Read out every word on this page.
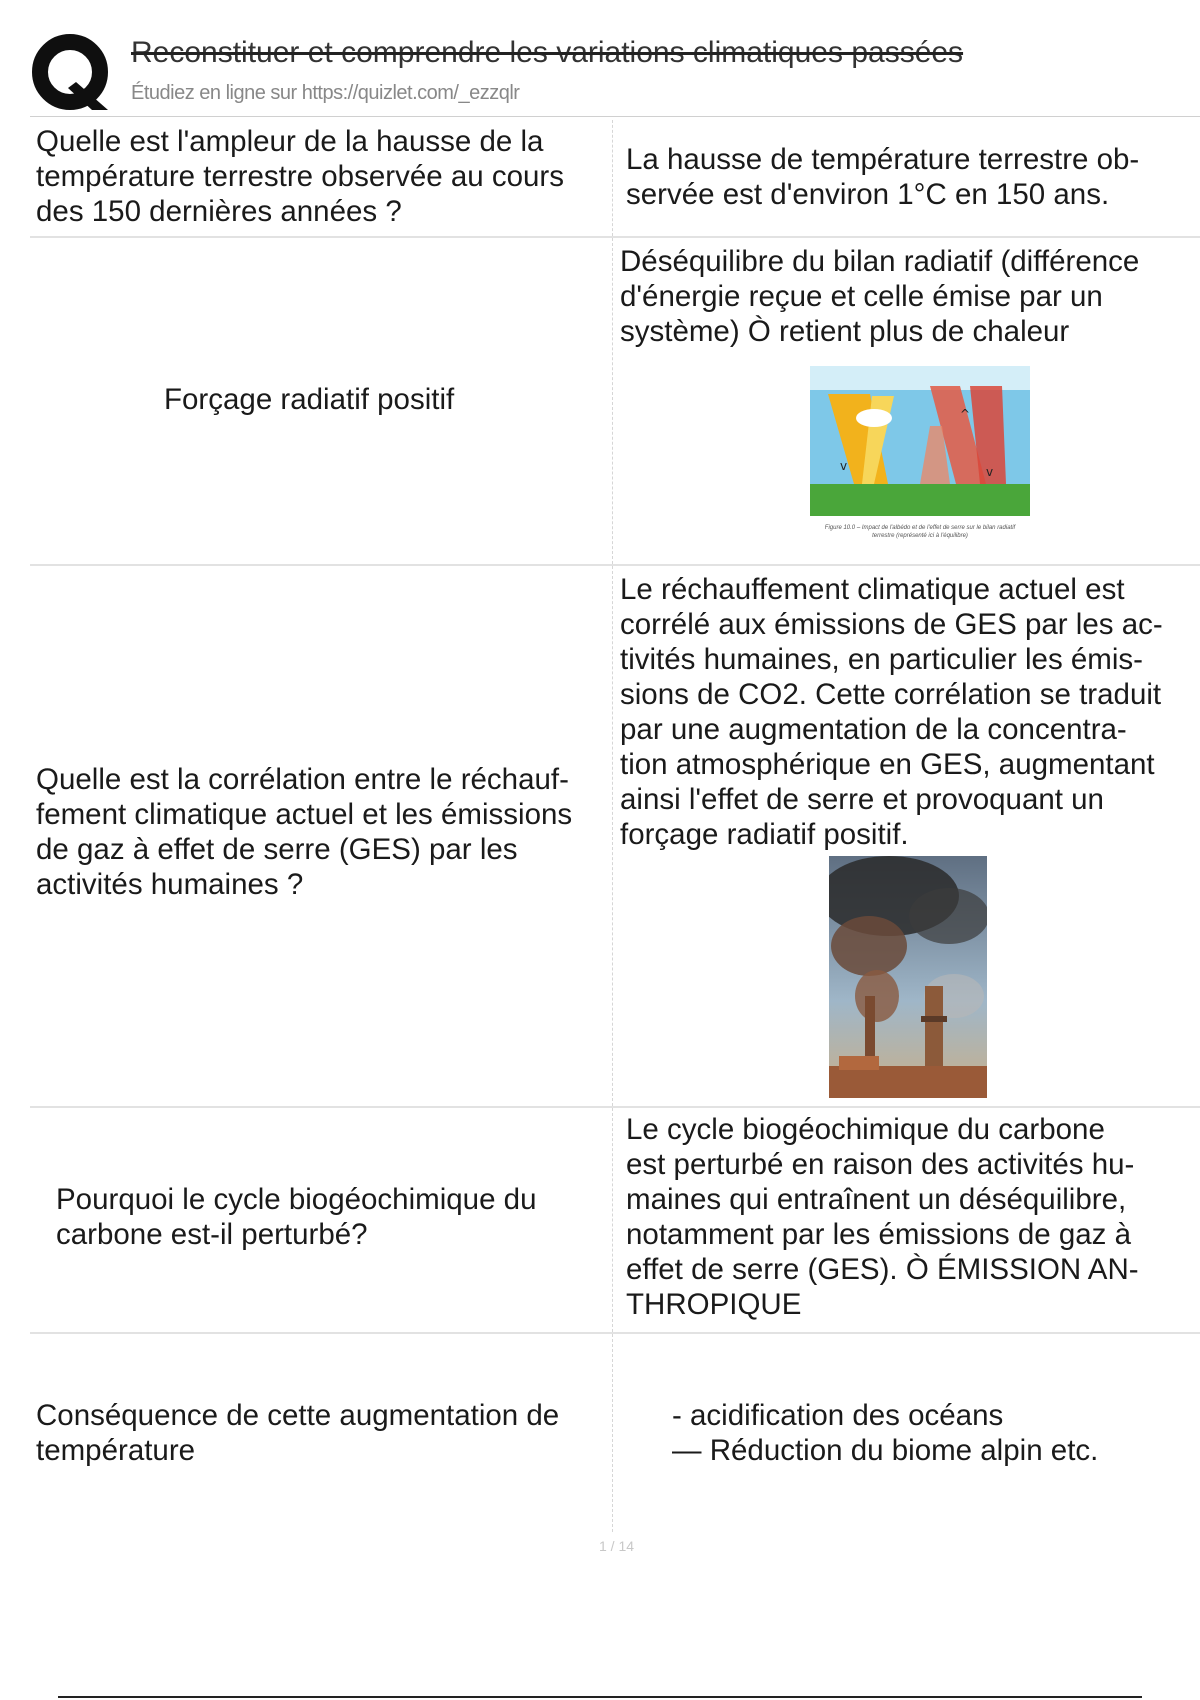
Reconstituer et comprendre les variations climatiques passées
Étudiez en ligne sur https://quizlet.com/_ezzqlr
Quelle est l'ampleur de la hausse de la
température terrestre observée au cours
des 150 dernières années ?
La hausse de température terrestre ob-
servée est d'environ 1°C en 150 ans.
Forçage radiatif positif
Déséquilibre du bilan radiatif (différence
d'énergie reçue et celle émise par un
système) Ò retient plus de chaleur
v
^
v
Figure 10.0 – Impact de l'albédo et de l'effet de serre sur le bilan radiatif
terrestre (représenté ici à l'équilibre)
Quelle est la corrélation entre le réchauf-
fement climatique actuel et les émissions
de gaz à effet de serre (GES) par les
activités humaines ?
Le réchauffement climatique actuel est
corrélé aux émissions de GES par les ac-
tivités humaines, en particulier les émis-
sions de CO2. Cette corrélation se traduit
par une augmentation de la concentra-
tion atmosphérique en GES, augmentant
ainsi l'effet de serre et provoquant un
forçage radiatif positif.
Pourquoi le cycle biogéochimique du
carbone est-il perturbé?
Le cycle biogéochimique du carbone
est perturbé en raison des activités hu-
maines qui entraînent un déséquilibre,
notamment par les émissions de gaz à
effet de serre (GES). Ò ÉMISSION AN-
THROPIQUE
Conséquence de cette augmentation de
température
- acidification des océans
— Réduction du biome alpin etc.
1 / 14
